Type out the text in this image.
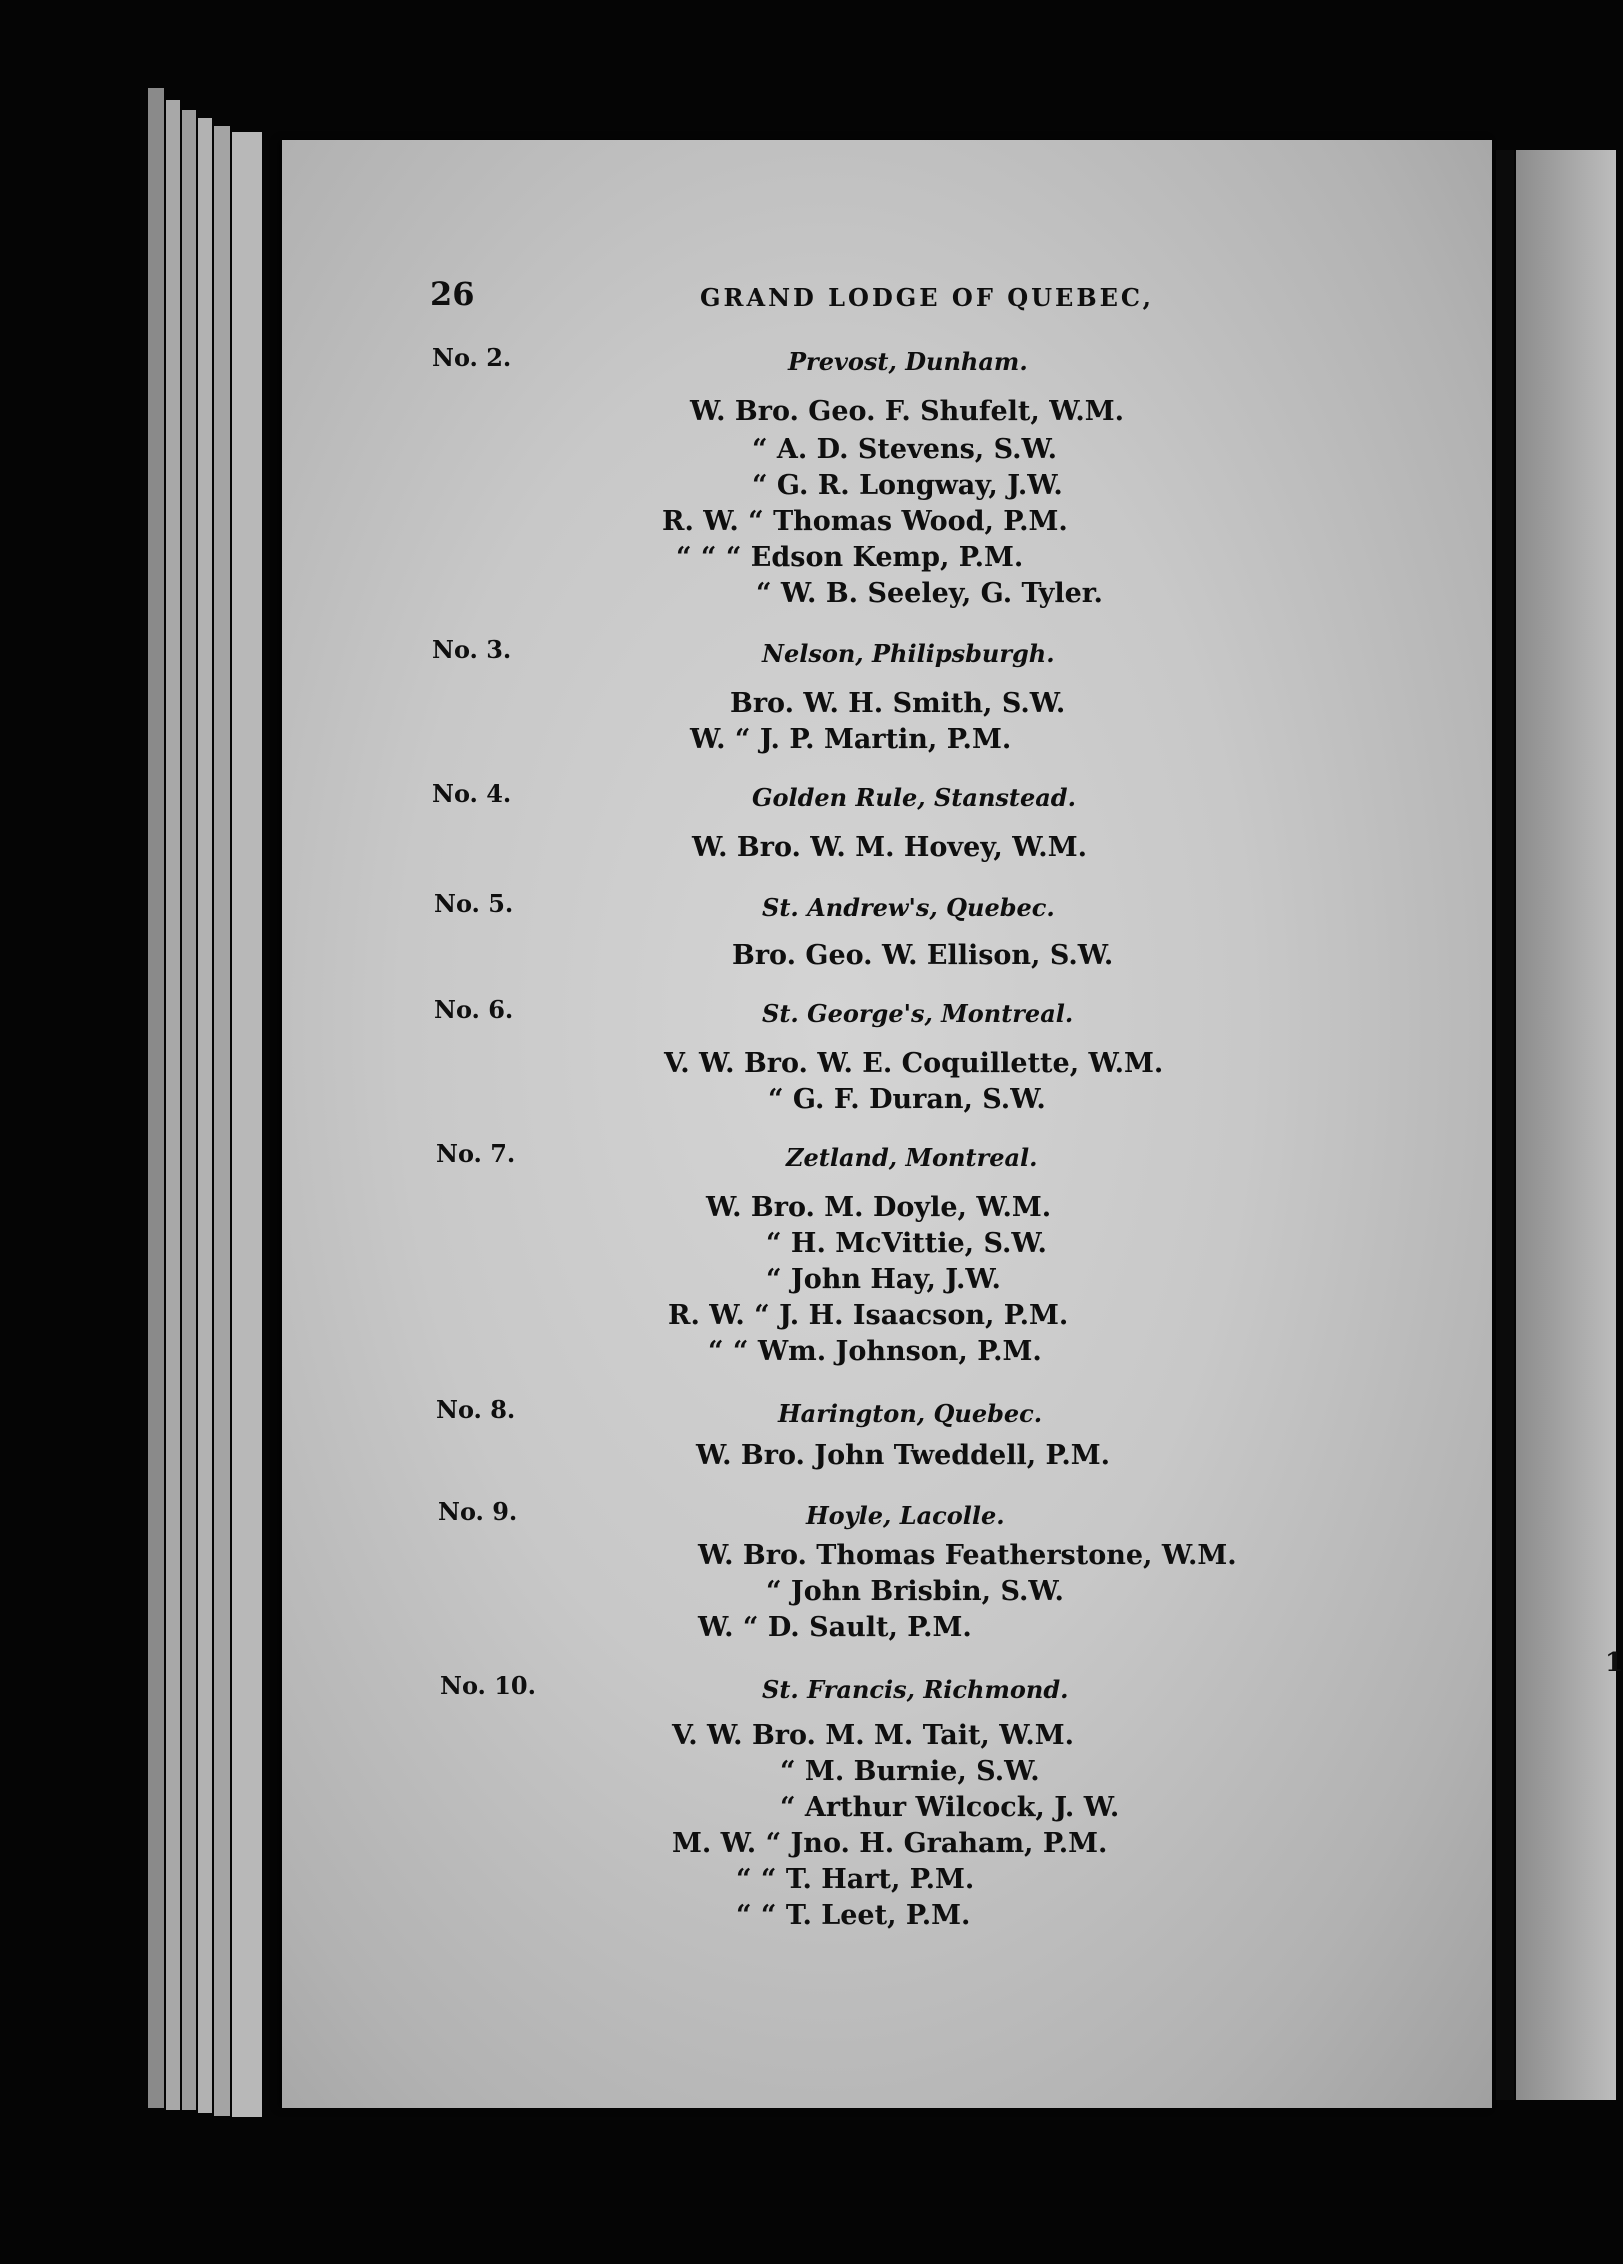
1
26	GRAND LODGE OF QUEBEC,
No. 2.	Prevost, Dunham.
W. Bro. Geo. F. Shufelt, W.M.
“ A. D. Stevens, S.W.
“ G. R. Longway, J.W.
R. W. “ Thomas Wood, P.M.
“ “ “ Edson Kemp, P.M.
“ W. B. Seeley, G. Tyler.
No. 3.	Nelson, Philipsburgh.
Bro. W. H. Smith, S.W.
W. “ J. P. Martin, P.M.
No. 4.	Golden Rule, Stanstead.
W. Bro. W. M. Hovey, W.M.
No. 5.	St. Andrew's, Quebec.
Bro. Geo. W. Ellison, S.W.
No. 6.	St. George's, Montreal.
V. W. Bro. W. E. Coquillette, W.M.
“ G. F. Duran, S.W.
No. 7.	Zetland, Montreal.
W. Bro. M. Doyle, W.M.
“ H. McVittie, S.W.
“ John Hay, J.W.
R. W. “ J. H. Isaacson, P.M.
“ “ Wm. Johnson, P.M.
No. 8.	Harington, Quebec.
W. Bro. John Tweddell, P.M.
No. 9.	Hoyle, Lacolle.
W. Bro. Thomas Featherstone, W.M.
“ John Brisbin, S.W.
W. “ D. Sault, P.M.
No. 10.	St. Francis, Richmond.
V. W. Bro. M. M. Tait, W.M.
“ M. Burnie, S.W.
“ Arthur Wilcock, J. W.
M. W. “ Jno. H. Graham, P.M.
“ “ T. Hart, P.M.
“ “ T. Leet, P.M.
